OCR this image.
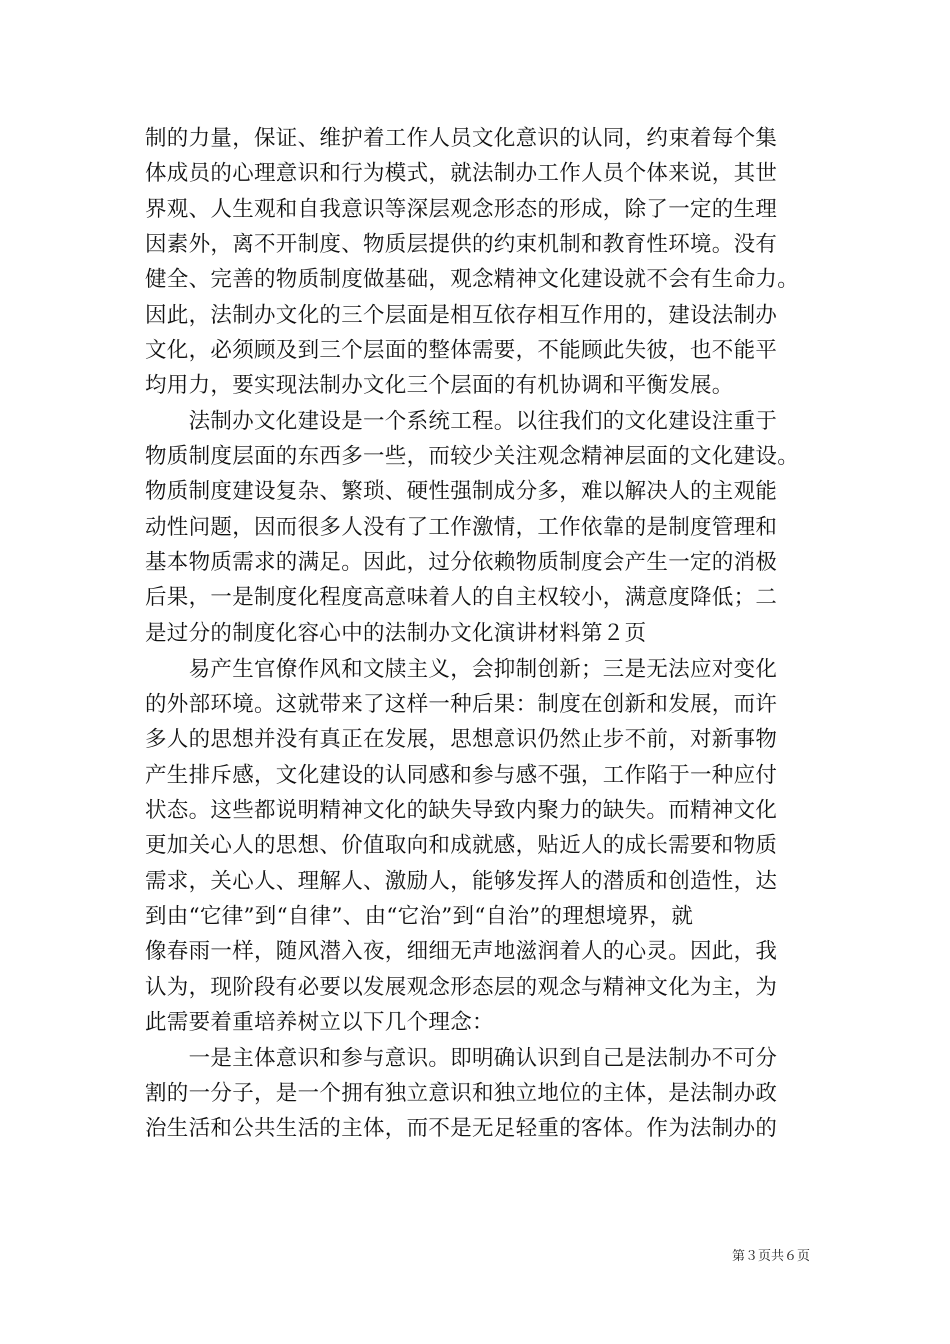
制的力量，保证、维护着工作人员文化意识的认同，约束着每个集
体成员的心理意识和行为模式，就法制办工作人员个体来说，其世
界观、人生观和自我意识等深层观念形态的形成，除了一定的生理
因素外，离不开制度、物质层提供的约束机制和教育性环境。没有
健全、完善的物质制度做基础，观念精神文化建设就不会有生命力。
因此，法制办文化的三个层面是相互依存相互作用的，建设法制办
文化，必须顾及到三个层面的整体需要，不能顾此失彼，也不能平
均用力，要实现法制办文化三个层面的有机协调和平衡发展。
　　法制办文化建设是一个系统工程。以往我们的文化建设注重于
物质制度层面的东西多一些，而较少关注观念精神层面的文化建设。
物质制度建设复杂、繁琐、硬性强制成分多，难以解决人的主观能
动性问题，因而很多人没有了工作激情，工作依靠的是制度管理和
基本物质需求的满足。因此，过分依赖物质制度会产生一定的消极
后果，一是制度化程度高意味着人的自主权较小，满意度降低；二
是过分的制度化容心中的法制办文化演讲材料第２页
　　易产生官僚作风和文牍主义，会抑制创新；三是无法应对变化
的外部环境。这就带来了这样一种后果：制度在创新和发展，而许
多人的思想并没有真正在发展，思想意识仍然止步不前，对新事物
产生排斥感，文化建设的认同感和参与感不强，工作陷于一种应付
状态。这些都说明精神文化的缺失导致内聚力的缺失。而精神文化
更加关心人的思想、价值取向和成就感，贴近人的成长需要和物质
需求，关心人、理解人、激励人，能够发挥人的潜质和创造性，达
到由“它律”到“自律”、由“它治”到“自治”的理想境界，就
像春雨一样，随风潜入夜，细细无声地滋润着人的心灵。因此，我
认为，现阶段有必要以发展观念形态层的观念与精神文化为主，为
此需要着重培养树立以下几个理念：
　　一是主体意识和参与意识。即明确认识到自己是法制办不可分
割的一分子，是一个拥有独立意识和独立地位的主体，是法制办政
治生活和公共生活的主体，而不是无足轻重的客体。作为法制办的
第３页共６页
